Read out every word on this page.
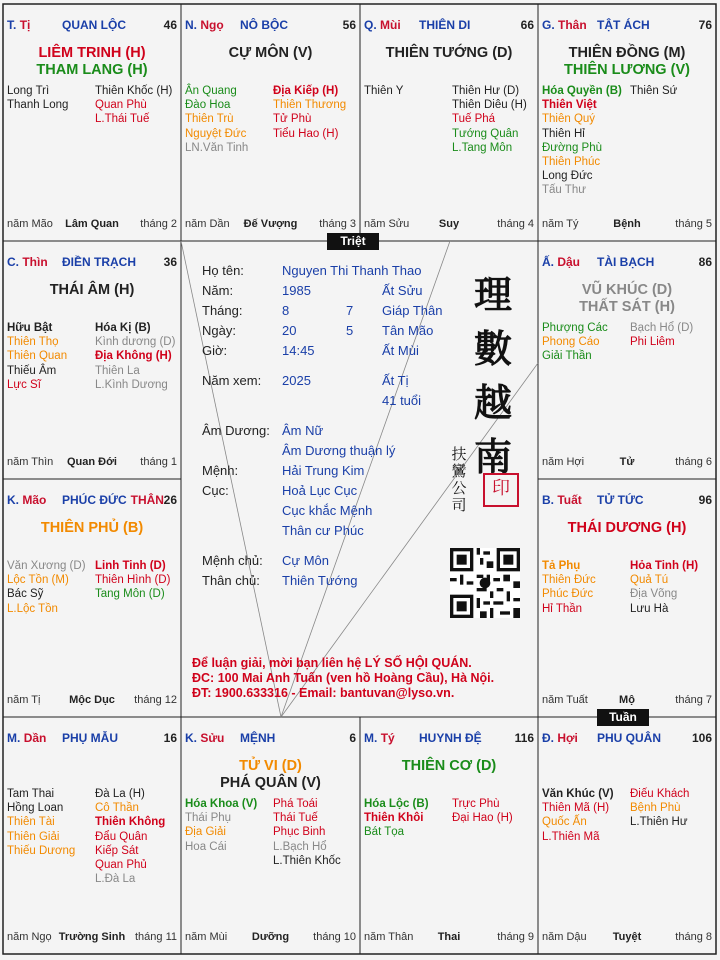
Triệt
Tuần
T. Tị	QUAN LỘC	46
LIÊM TRINH (H)
THAM LANG (H)
Long Trì
Thanh Long
Thiên Khốc (H)
Quan Phù
L.Thái Tuế
năm Mão	Lâm Quan	tháng 2
N. Ngọ NÔ BỘC	56
CỰ MÔN (V)
Ân Quang
Đào Hoa
Thiên Trù
Nguyệt Đức
LN.Văn Tinh
Địa Kiếp (H)
Thiên Thương
Tử Phù
Tiểu Hao (H)
năm Dần	Đế Vượng	tháng 3
Q. Mùi THIÊN DI	66
THIÊN TƯỚNG (D)
Thiên Y	Thiên Hư (D)
Thiên Diêu (H)
Tuế Phá
Tướng Quân
L.Tang Môn
năm Sửu	Suy	tháng 4
G. Thân TẬT ÁCH	76
THIÊN ĐỒNG (M)
THIÊN LƯƠNG (V)
Hóa Quyền (B)
Thiên Việt
Thiên Quý
Thiên Hỉ
Đường Phù
Thiên Phúc
Long Đức
Tấu Thư
Thiên Sứ
năm Tý	Bệnh	tháng 5
C. Thìn ĐIỀN TRẠCH	36
THÁI ÂM (H)
Hữu Bật
Thiên Thọ
Thiên Quan
Thiếu Âm
Lực Sĩ
Hóa Kị (B)
Kình dương (D)
Địa Không (H)
Thiên La
L.Kình Dương
năm Thìn	Quan Đới	tháng 1
Ấ. Dậu TÀI BẠCH	86
VŨ KHÚC (D)
THẤT SÁT (H)
Phượng Các
Phong Cáo
Giải Thần
Bạch Hổ (D)
Phi Liêm
năm Hợi	Tử	tháng 6
K. Mão PHÚC ĐỨC THÂN 26
THIÊN PHỦ (B)
Văn Xương (D)
Lộc Tồn (M)
Bác Sỹ
L.Lộc Tồn
Linh Tinh (D)
Thiên Hình (D)
Tang Môn (D)
năm Tị	Mộc Dục	tháng 12
B. Tuất TỬ TỨC	96
THÁI DƯƠNG (H)
Tả Phụ
Thiên Đức
Phúc Đức
Hỉ Thần
Hỏa Tinh (H)
Quả Tú
Địa Võng
Lưu Hà
năm Tuất	Mộ	tháng 7
M. Dần PHỤ MẪU	16
Tam Thai
Hồng Loan
Thiên Tài
Thiên Giải
Thiếu Dương
Đà La (H)
Cô Thần
Thiên Không
Đẩu Quân
Kiếp Sát
Quan Phủ
L.Đà La
năm Ngọ Trường Sinh tháng 11
K. Sửu MỆNH	6
TỬ VI (D)
PHÁ QUÂN (V)
Hóa Khoa (V)
Thái Phụ
Địa Giải
Hoa Cái
Phá Toái
Thái Tuế
Phục Binh
L.Bạch Hổ
L.Thiên Khốc
năm Mùi	Dưỡng	tháng 10
M. Tý HUYNH ĐỆ	116
THIÊN CƠ (D)
Hóa Lộc (B)
Thiên Khôi
Bát Tọa
Trực Phù
Đại Hao (H)
năm Thân	Thai	tháng 9
Đ. Hợi PHU QUÂN	106
Văn Khúc (V)
Thiên Mã (H)
Quốc Ấn
L.Thiên Mã
Điếu Khách
Bệnh Phù
L.Thiên Hư
năm Dậu	Tuyệt	tháng 8
Họ tên:	Nguyen Thi Thanh Thao
Năm:	1985	Ất Sửu
Tháng:	8	7 Giáp Thân
Ngày:	20	5 Tân Mão
Giờ:	14:45	Ất Mùi
Năm xem: 2025	Ất Tị
41 tuổi
Âm Dương: Âm Nữ
Âm Dương thuận lý
Mệnh:	Hải Trung Kim
Cục:	Hoả Lục Cục
Cục khắc Mệnh
Thân cư Phúc
Mệnh chủ: Cự Môn
Thân chủ: Thiên Tướng
理
數
越
南
扶鸞公司
印
Để luận giải, mời bạn liên hệ LÝ SỐ HỘI QUÁN.
ĐC: 100 Mai Anh Tuấn (ven hồ Hoàng Cầu), Hà Nội.
ĐT: 1900.633316 - Email: bantuvan@lyso.vn.
